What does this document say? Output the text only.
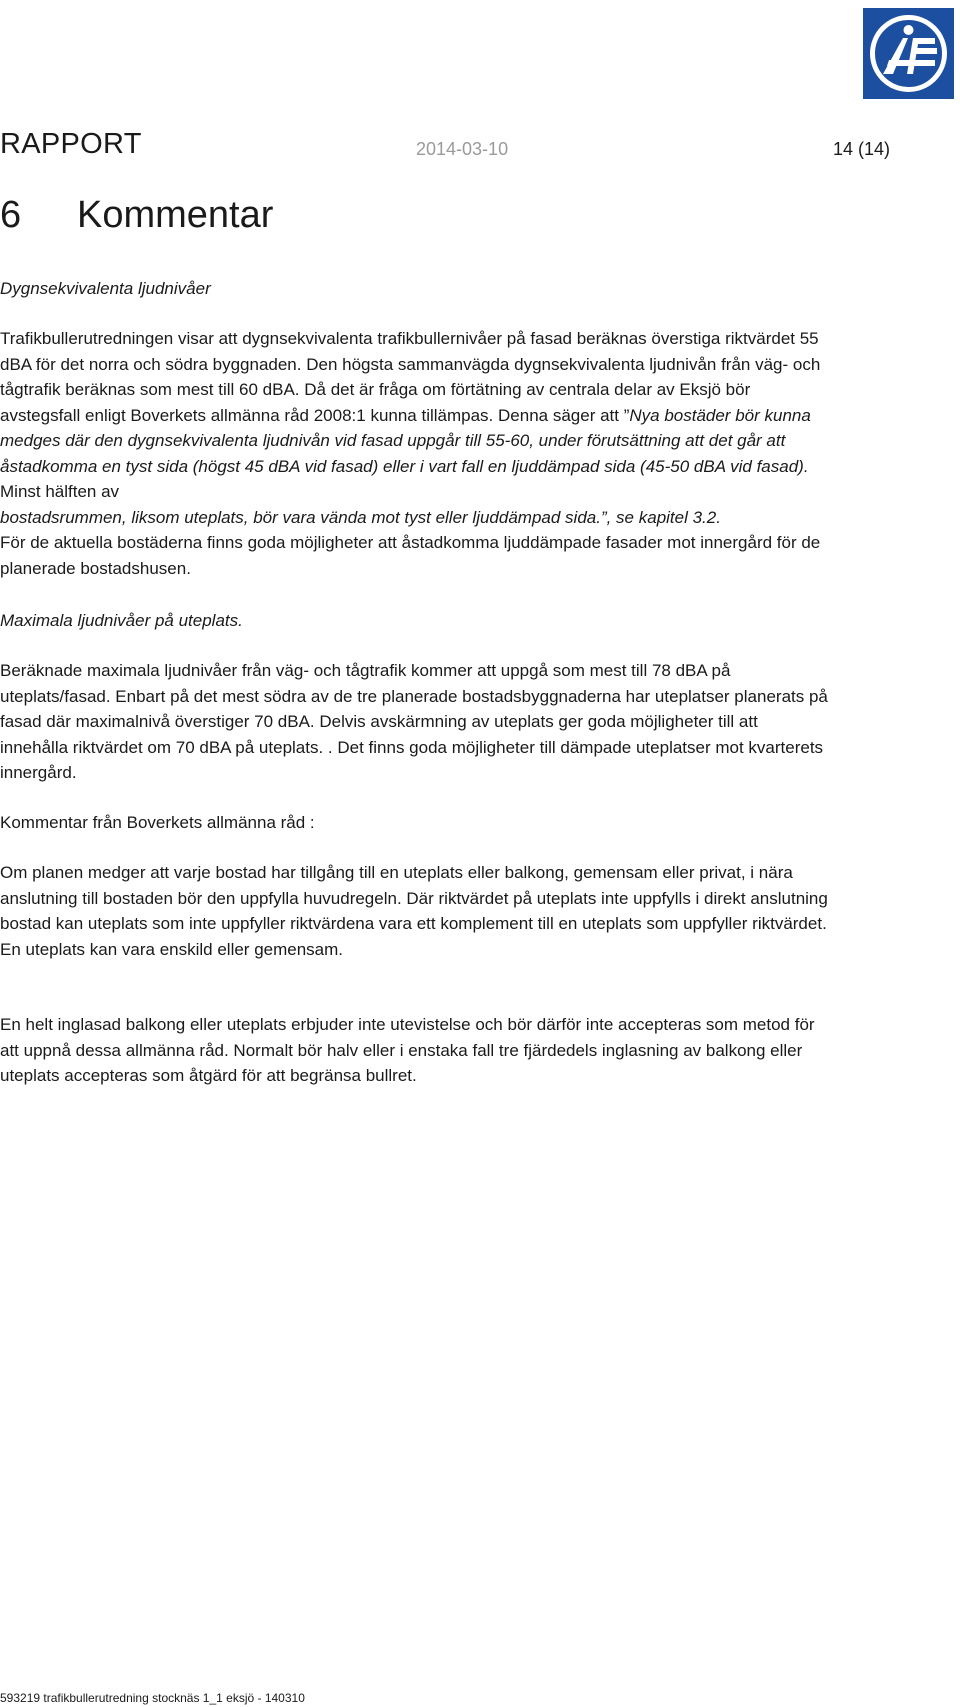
RAPPORT	2014-03-10	14 (14)
6 Kommentar

Dygnsekvivalenta ljudnivåer

Trafikbullerutredningen visar att dygnsekvivalenta trafikbullernivåer på fasad beräknas överstiga riktvärdet 55 dBA för det norra och södra byggnaden. Den högsta sammanvägda dygnsekvivalenta ljudnivån från väg- och tågtrafik beräknas som mest till 60 dBA. Då det är fråga om förtätning av centrala delar av Eksjö bör avstegsfall enligt Boverkets allmänna råd 2008:1 kunna tillämpas. Denna säger att ”Nya bostäder bör kunna medges där den dygnsekvivalenta ljudnivån vid fasad uppgår till 55-60, under förutsättning att det går att åstadkomma en tyst sida (högst 45 dBA vid fasad) eller i vart fall en ljuddämpad sida (45-50 dBA vid fasad). Minst hälften av
bostadsrummen, liksom uteplats, bör vara vända mot tyst eller ljuddämpad sida.”, se kapitel 3.2.
För de aktuella bostäderna finns goda möjligheter att åstadkomma ljuddämpade fasader mot innergård för de planerade bostadshusen.

Maximala ljudnivåer på uteplats.

Beräknade maximala ljudnivåer från väg- och tågtrafik kommer att uppgå som mest till 78 dBA på uteplats/fasad. Enbart på det mest södra av de tre planerade bostadsbyggnaderna har uteplatser planerats på fasad där maximalnivå överstiger 70 dBA. Delvis avskärmning av uteplats ger goda möjligheter till att innehålla riktvärdet om 70 dBA på uteplats. . Det finns goda möjligheter till dämpade uteplatser mot kvarterets innergård.

Kommentar från Boverkets allmänna råd :

Om planen medger att varje bostad har tillgång till en uteplats eller balkong, gemensam eller privat, i nära anslutning till bostaden bör den uppfylla huvudregeln. Där riktvärdet på uteplats inte uppfylls i direkt anslutning bostad kan uteplats som inte uppfyller riktvärdena vara ett komplement till en uteplats som uppfyller riktvärdet. En uteplats kan vara enskild eller gemensam.

En helt inglasad balkong eller uteplats erbjuder inte utevistelse och bör därför inte accepteras som metod för att uppnå dessa allmänna råd. Normalt bör halv eller i enstaka fall tre fjärdedels inglasning av balkong eller uteplats accepteras som åtgärd för att begränsa bullret.

593219 trafikbullerutredning stocknäs 1_1 eksjö - 140310
